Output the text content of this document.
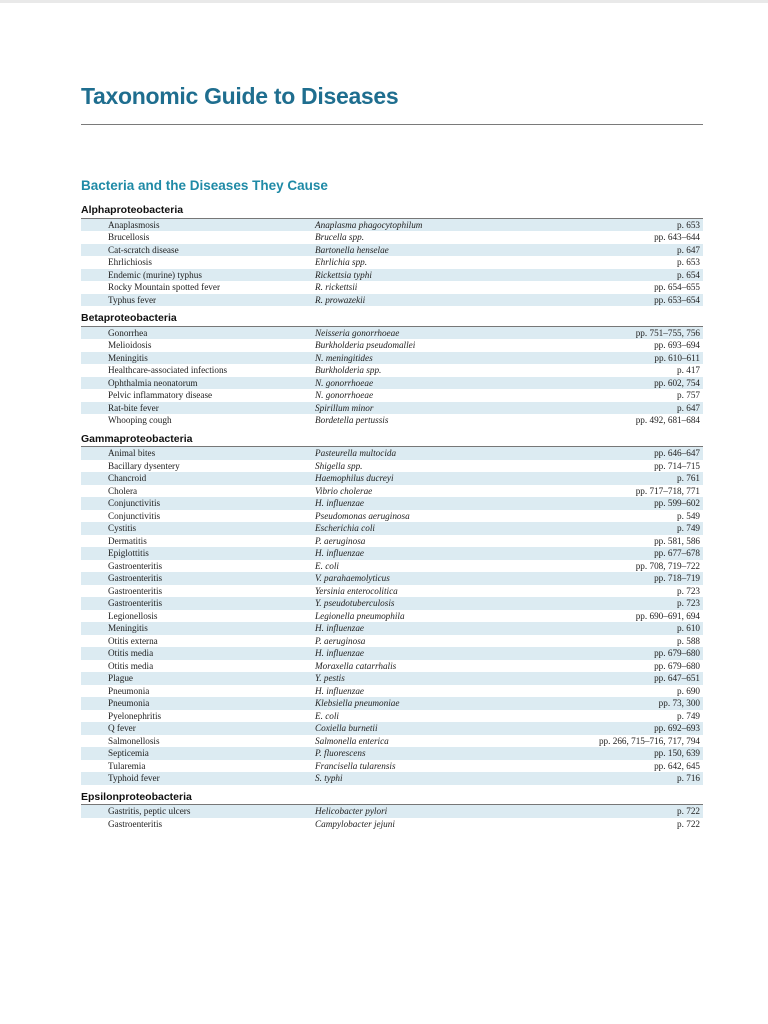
Taxonomic Guide to Diseases
Bacteria and the Diseases They Cause
Alphaproteobacteria
Anaplasmosis	Anaplasma phagocytophilum	p. 653
Brucellosis	Brucella spp.	pp. 643–644
Cat-scratch disease	Bartonella henselae	p. 647
Ehrlichiosis	Ehrlichia spp.	p. 653
Endemic (murine) typhus	Rickettsia typhi	p. 654
Rocky Mountain spotted fever	R. rickettsii	pp. 654–655
Typhus fever	R. prowazekii	pp. 653–654
Betaproteobacteria
Gonorrhea	Neisseria gonorrhoeae	pp. 751–755, 756
Melioidosis	Burkholderia pseudomallei	pp. 693–694
Meningitis	N. meningitides	pp. 610–611
Healthcare-associated infections	Burkholderia spp.	p. 417
Ophthalmia neonatorum	N. gonorrhoeae	pp. 602, 754
Pelvic inflammatory disease	N. gonorrhoeae	p. 757
Rat-bite fever	Spirillum minor	p. 647
Whooping cough	Bordetella pertussis	pp. 492, 681–684
Gammaproteobacteria
Animal bites	Pasteurella multocida	pp. 646–647
Bacillary dysentery	Shigella spp.	pp. 714–715
Chancroid	Haemophilus ducreyi	p. 761
Cholera	Vibrio cholerae	pp. 717–718, 771
Conjunctivitis	H. influenzae	pp. 599–602
Conjunctivitis	Pseudomonas aeruginosa	p. 549
Cystitis	Escherichia coli	p. 749
Dermatitis	P. aeruginosa	pp. 581, 586
Epiglottitis	H. influenzae	pp. 677–678
Gastroenteritis	E. coli	pp. 708, 719–722
Gastroenteritis	V. parahaemolyticus	pp. 718–719
Gastroenteritis	Yersinia enterocolitica	p. 723
Gastroenteritis	Y. pseudotuberculosis	p. 723
Legionellosis	Legionella pneumophila	pp. 690–691, 694
Meningitis	H. influenzae	p. 610
Otitis externa	P. aeruginosa	p. 588
Otitis media	H. influenzae	pp. 679–680
Otitis media	Moraxella catarrhalis	pp. 679–680
Plague	Y. pestis	pp. 647–651
Pneumonia	H. influenzae	p. 690
Pneumonia	Klebsiella pneumoniae	pp. 73, 300
Pyelonephritis	E. coli	p. 749
Q fever	Coxiella burnetii	pp. 692–693
Salmonellosis	Salmonella enterica	pp. 266, 715–716, 717, 794
Septicemia	P. fluorescens	pp. 150, 639
Tularemia	Francisella tularensis	pp. 642, 645
Typhoid fever	S. typhi	p. 716
Epsilonproteobacteria
Gastritis, peptic ulcers	Helicobacter pylori	p. 722
Gastroenteritis	Campylobacter jejuni	p. 722
